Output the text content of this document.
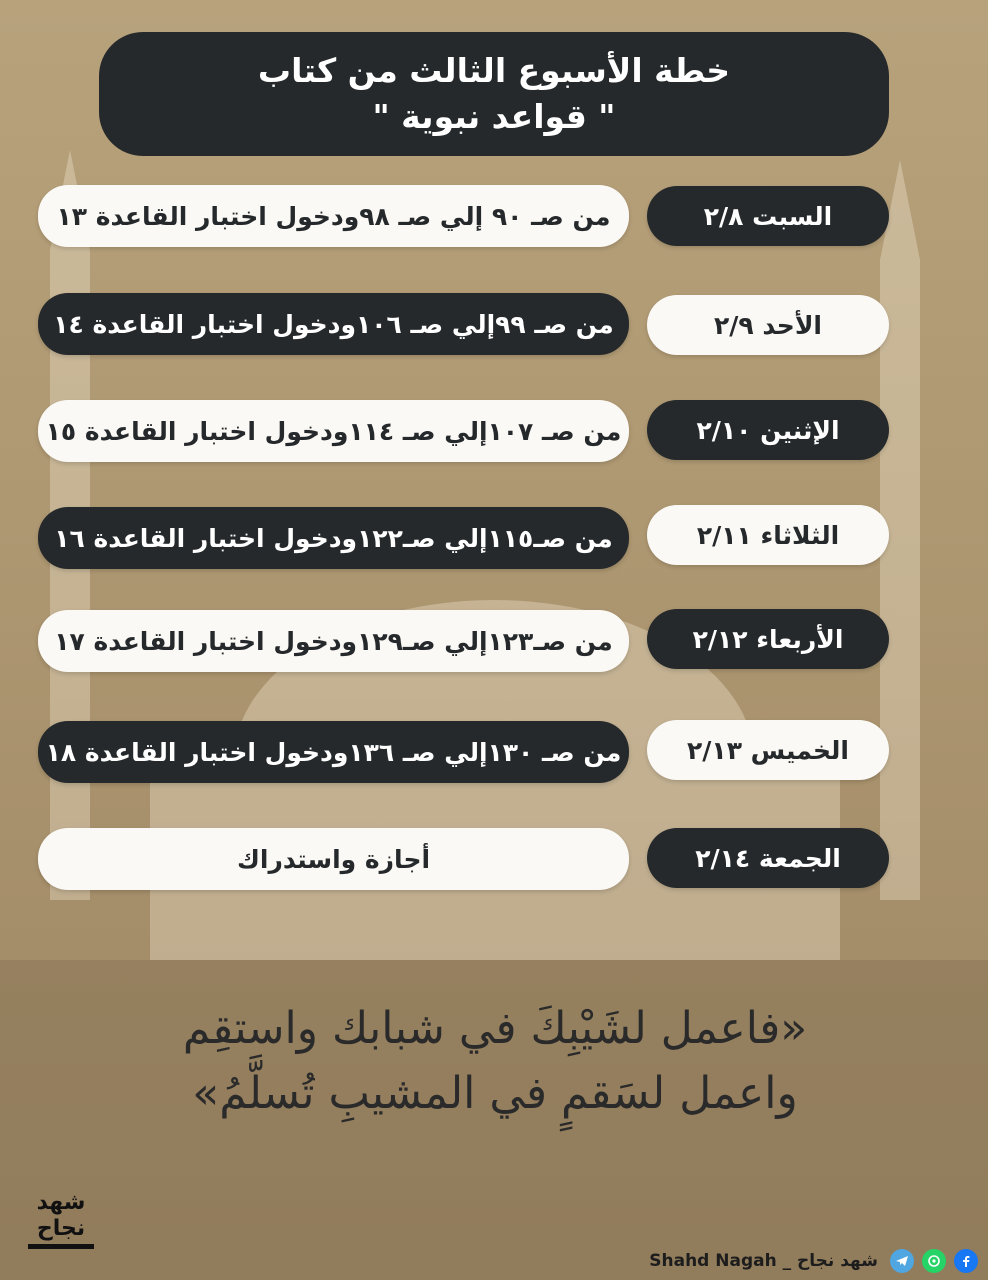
خطة الأسبوع الثالث من كتاب
" قواعد نبوية "
السبت ٢/٨
من صـ ٩٠ إلي صـ ٩٨ودخول اختبار القاعدة ١٣
الأحد ٢/٩
من صـ ٩٩إلي صـ ١٠٦ودخول اختبار القاعدة ١٤
الإثنين ٢/١٠
من صـ ١٠٧إلي صـ ١١٤ودخول اختبار القاعدة ١٥
الثلاثاء ٢/١١
من صـ١١٥إلي صـ١٢٢ودخول اختبار القاعدة ١٦
الأربعاء ٢/١٢
من صـ١٢٣إلي صـ١٢٩ودخول اختبار القاعدة ١٧
الخميس ٢/١٣
من صـ ١٣٠إلي صـ ١٣٦ودخول اختبار القاعدة ١٨
الجمعة ٢/١٤
أجازة واستدراك
«فاعمل لشَيْبِكَ في شبابك واستقِم
واعمل لسَقمٍ في المشيبِ تُسلَّمُ»
شهد
نجاح
Shahd Nagah _ شهد نجاح
